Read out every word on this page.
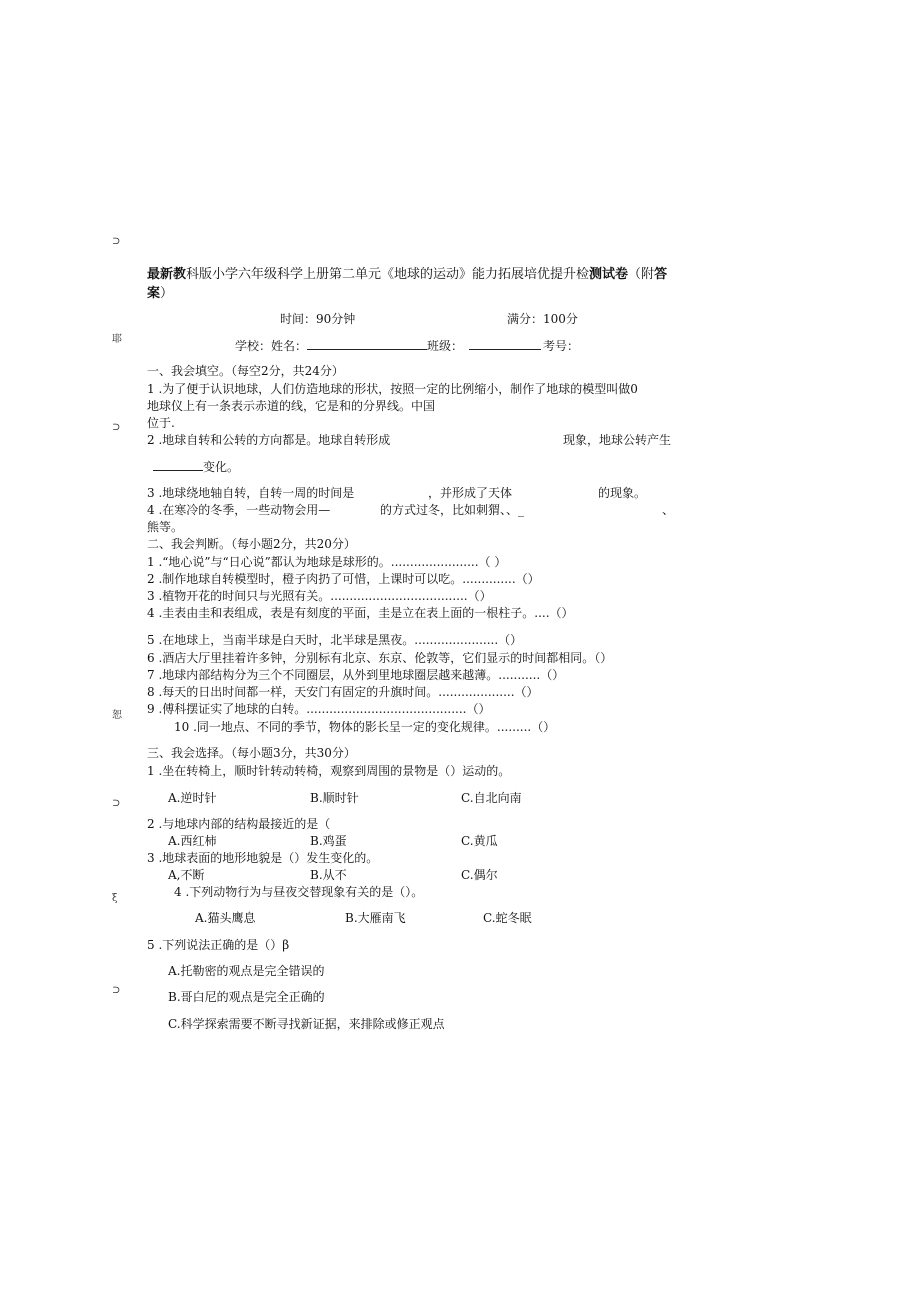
⊃
耶
⊃
恕
⊃
ξ
⊃
最新教科版小学六年级科学上册第二单元《地球的运动》能力拓展培优提升检测试卷（附答
案）
时间：90分钟	满分：100分
学校：姓名：	班级：	考号：
一、我会填空。（每空2分，共24分）
1 .为了便于认识地球，人们仿造地球的形状，按照一定的比例缩小，制作了地球的模型叫做0
地球仪上有一条表示赤道的线，它是和的分界线。中国
位于.
2 .地球自转和公转的方向都是。地球自转形成	现象，地球公转产生
变化。
3 .地球绕地轴自转，自转一周的时间是	，并形成了天体	的现象。
4 .在寒冷的冬季，一些动物会用—	的方式过冬，比如刺猬、、_	、
熊等。
二、我会判断。（每小题2分，共20分）
1 .“地心说”与“日心说”都认为地球是球形的。.......................（ ）
2 .制作地球自转模型时，橙子肉扔了可惜，上课时可以吃。..............（）
3 .植物开花的时间只与光照有关。....................................（）
4 .圭表由圭和表组成，表是有刻度的平面，圭是立在表上面的一根柱子。....（）
5 .在地球上，当南半球是白天时，北半球是黑夜。......................（）
6 .酒店大厅里挂着许多钟，分别标有北京、东京、伦敦等，它们显示的时间都相同。（）
7 .地球内部结构分为三个不同圈层，从外到里地球圈层越来越薄。...........（）
8 .每天的日出时间都一样，天安门有固定的升旗时间。....................（）
9 .傅科摆证实了地球的白转。..........................................（）
10 .同一地点、不同的季节，物体的影长呈一定的变化规律。.........（）
三、我会选择。（每小题3分，共30分）
1 .坐在转椅上，顺时针转动转椅，观察到周围的景物是（）运动的。
A.逆时针	B.顺时针	C.自北向南
2 .与地球内部的结构最接近的是（
A.西红柿	B.鸡蛋	C.黄瓜
3 .地球表面的地形地貌是（）发生变化的。
A,不断	B.从不	C.偶尔
4 .下列动物行为与昼夜交替现象有关的是（）。
A.猫头鹰息	B.大雁南飞	C.蛇冬眠
5 .下列说法正确的是（）β
A.托勒密的观点是完全错误的
B.哥白尼的观点是完全正确的
C.科学探索需要不断寻找新证据，来排除或修正观点
